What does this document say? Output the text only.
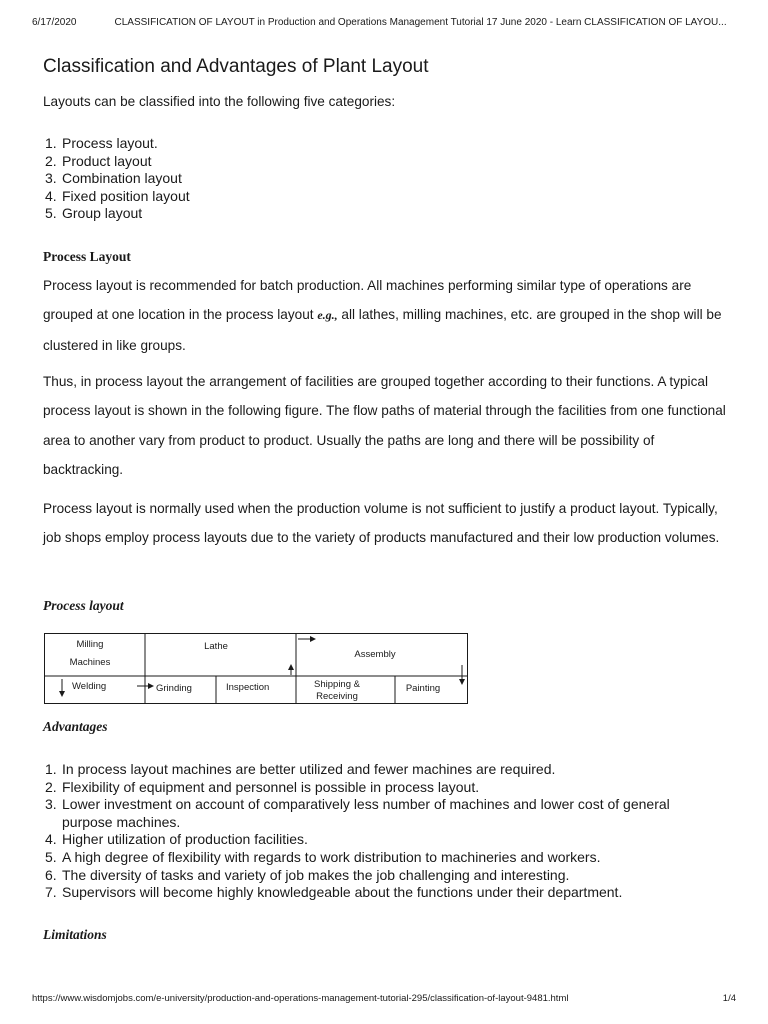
6/17/2020	CLASSIFICATION OF LAYOUT in Production and Operations Management Tutorial 17 June 2020 - Learn CLASSIFICATION OF LAYOU...
Classification and Advantages of Plant Layout
Layouts can be classified into the following five categories:
1. Process layout.
2. Product layout
3. Combination layout
4. Fixed position layout
5. Group layout
Process Layout
Process layout is recommended for batch production. All machines performing similar type of operations are grouped at one location in the process layout e.g., all lathes, milling machines, etc. are grouped in the shop will be clustered in like groups.
Thus, in process layout the arrangement of facilities are grouped together according to their functions. A typical process layout is shown in the following figure. The flow paths of material through the facilities from one functional area to another vary from product to product. Usually the paths are long and there will be possibility of backtracking.
Process layout is normally used when the production volume is not sufficient to justify a product layout. Typically, job shops employ process layouts due to the variety of products manufactured and their low production volumes.
Process layout
Milling
Machines
Lathe
Assembly
Welding	Grinding	Inspection	Shipping &
Receiving
Painting
Advantages
1. In process layout machines are better utilized and fewer machines are required.
2. Flexibility of equipment and personnel is possible in process layout.
3. Lower investment on account of comparatively less number of machines and lower cost of general purpose machines.
4. Higher utilization of production facilities.
5. A high degree of flexibility with regards to work distribution to machineries and workers.
6. The diversity of tasks and variety of job makes the job challenging and interesting.
7. Supervisors will become highly knowledgeable about the functions under their department.
Limitations
https://www.wisdomjobs.com/e-university/production-and-operations-management-tutorial-295/classification-of-layout-9481.html	1/4
